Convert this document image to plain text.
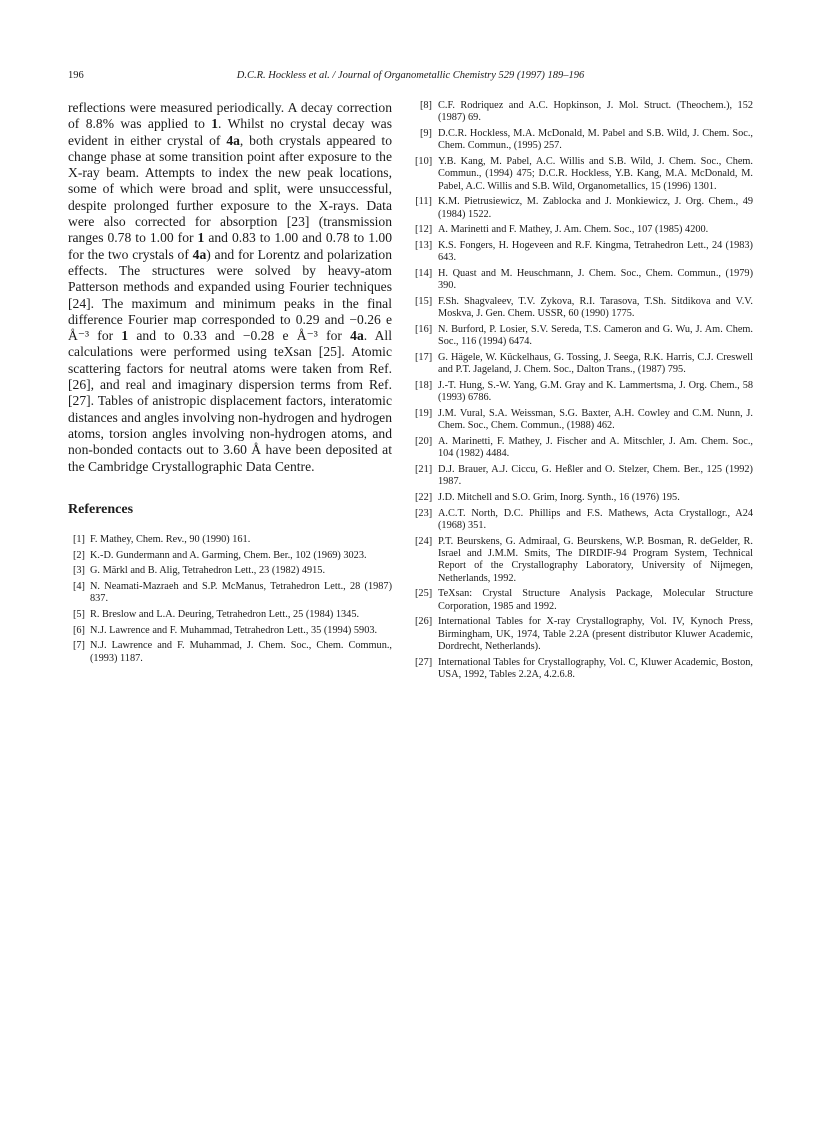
196	D.C.R. Hockless et al. / Journal of Organometallic Chemistry 529 (1997) 189–196

reflections were measured periodically. A decay correction of 8.8% was applied to 1. Whilst no crystal decay was evident in either crystal of 4a, both crystals appeared to change phase at some transition point after exposure to the X-ray beam. Attempts to index the new peak locations, some of which were broad and split, were unsuccessful, despite prolonged further exposure to the X-rays. Data were also corrected for absorption [23] (transmission ranges 0.78 to 1.00 for 1 and 0.83 to 1.00 and 0.78 to 1.00 for the two crystals of 4a) and for Lorentz and polarization effects. The structures were solved by heavy-atom Patterson methods and expanded using Fourier techniques [24]. The maximum and minimum peaks in the final difference Fourier map corresponded to 0.29 and −0.26 e Å⁻³ for 1 and to 0.33 and −0.28 e Å⁻³ for 4a. All calculations were performed using teXsan [25]. Atomic scattering factors for neutral atoms were taken from Ref. [26], and real and imaginary dispersion terms from Ref. [27]. Tables of anistropic displacement factors, interatomic distances and angles involving non-hydrogen and hydrogen atoms, torsion angles involving non-hydrogen atoms, and non-bonded contacts out to 3.60 Å have been deposited at the Cambridge Crystallographic Data Centre.

References
[1] F. Mathey, Chem. Rev., 90 (1990) 161.
[2] K.-D. Gundermann and A. Garming, Chem. Ber., 102 (1969) 3023.
[3] G. Märkl and B. Alig, Tetrahedron Lett., 23 (1982) 4915.
[4] N. Neamati-Mazraeh and S.P. McManus, Tetrahedron Lett., 28 (1987) 837.
[5] R. Breslow and L.A. Deuring, Tetrahedron Lett., 25 (1984) 1345.
[6] N.J. Lawrence and F. Muhammad, Tetrahedron Lett., 35 (1994) 5903.
[7] N.J. Lawrence and F. Muhammad, J. Chem. Soc., Chem. Commun., (1993) 1187.
[8] C.F. Rodriquez and A.C. Hopkinson, J. Mol. Struct. (Theochem.), 152 (1987) 69.
[9] D.C.R. Hockless, M.A. McDonald, M. Pabel and S.B. Wild, J. Chem. Soc., Chem. Commun., (1995) 257.
[10] Y.B. Kang, M. Pabel, A.C. Willis and S.B. Wild, J. Chem. Soc., Chem. Commun., (1994) 475; D.C.R. Hockless, Y.B. Kang, M.A. McDonald, M. Pabel, A.C. Willis and S.B. Wild, Organometallics, 15 (1996) 1301.
[11] K.M. Pietrusiewicz, M. Zablocka and J. Monkiewicz, J. Org. Chem., 49 (1984) 1522.
[12] A. Marinetti and F. Mathey, J. Am. Chem. Soc., 107 (1985) 4200.
[13] K.S. Fongers, H. Hogeveen and R.F. Kingma, Tetrahedron Lett., 24 (1983) 643.
[14] H. Quast and M. Heuschmann, J. Chem. Soc., Chem. Commun., (1979) 390.
[15] F.Sh. Shagvaleev, T.V. Zykova, R.I. Tarasova, T.Sh. Sitdikova and V.V. Moskva, J. Gen. Chem. USSR, 60 (1990) 1775.
[16] N. Burford, P. Losier, S.V. Sereda, T.S. Cameron and G. Wu, J. Am. Chem. Soc., 116 (1994) 6474.
[17] G. Hägele, W. Kückelhaus, G. Tossing, J. Seega, R.K. Harris, C.J. Creswell and P.T. Jageland, J. Chem. Soc., Dalton Trans., (1987) 795.
[18] J.-T. Hung, S.-W. Yang, G.M. Gray and K. Lammertsma, J. Org. Chem., 58 (1993) 6786.
[19] J.M. Vural, S.A. Weissman, S.G. Baxter, A.H. Cowley and C.M. Nunn, J. Chem. Soc., Chem. Commun., (1988) 462.
[20] A. Marinetti, F. Mathey, J. Fischer and A. Mitschler, J. Am. Chem. Soc., 104 (1982) 4484.
[21] D.J. Brauer, A.J. Ciccu, G. Heßler and O. Stelzer, Chem. Ber., 125 (1992) 1987.
[22] J.D. Mitchell and S.O. Grim, Inorg. Synth., 16 (1976) 195.
[23] A.C.T. North, D.C. Phillips and F.S. Mathews, Acta Crystallogr., A24 (1968) 351.
[24] P.T. Beurskens, G. Admiraal, G. Beurskens, W.P. Bosman, R. deGelder, R. Israel and J.M.M. Smits, The DIRDIF-94 Program System, Technical Report of the Crystallography Laboratory, University of Nijmegen, Netherlands, 1992.
[25] TeXsan: Crystal Structure Analysis Package, Molecular Structure Corporation, 1985 and 1992.
[26] International Tables for X-ray Crystallography, Vol. IV, Kynoch Press, Birmingham, UK, 1974, Table 2.2A (present distributor Kluwer Academic, Dordrecht, Netherlands).
[27] International Tables for Crystallography, Vol. C, Kluwer Academic, Boston, USA, 1992, Tables 2.2A, 4.2.6.8.
